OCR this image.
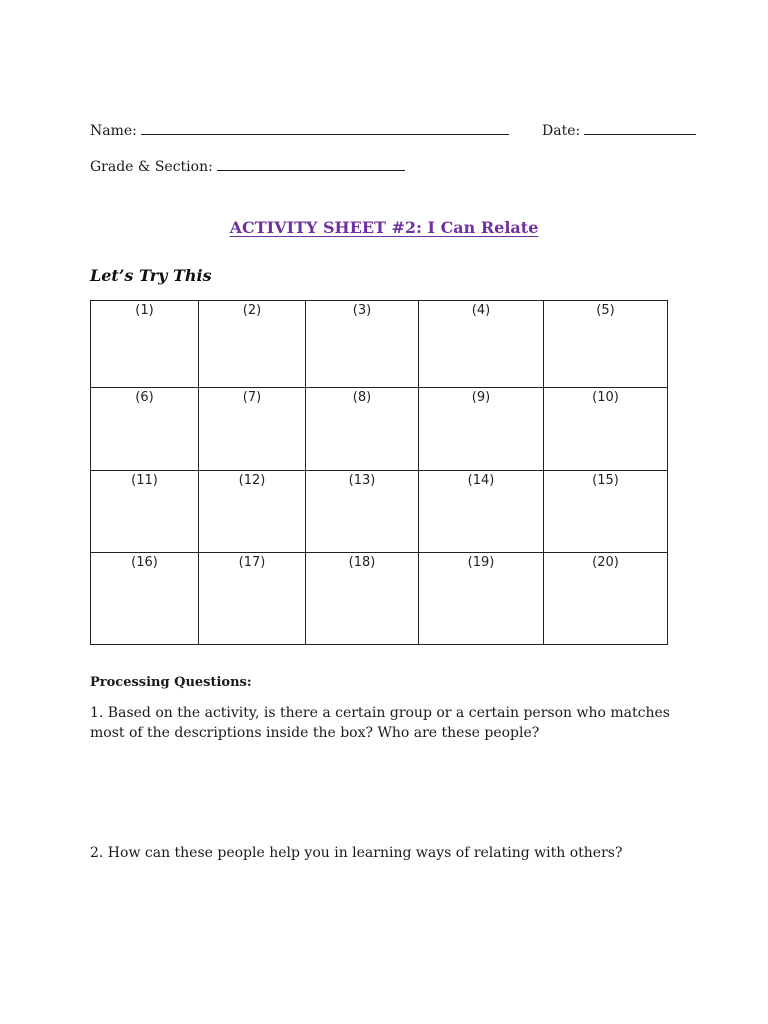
Name:	Date:
Grade & Section:
ACTIVITY SHEET #2: I Can Relate
Let’s Try This
(1)	(2)	(3)	(4)	(5)
(6)	(7)	(8)	(9)	(10)
(11)	(12)	(13)	(14)	(15)
(16)	(17)	(18)	(19)	(20)
Processing Questions:
1. Based on the activity, is there a certain group or a certain person who matches most of the descriptions inside the box? Who are these people?
2. How can these people help you in learning ways of relating with others?
